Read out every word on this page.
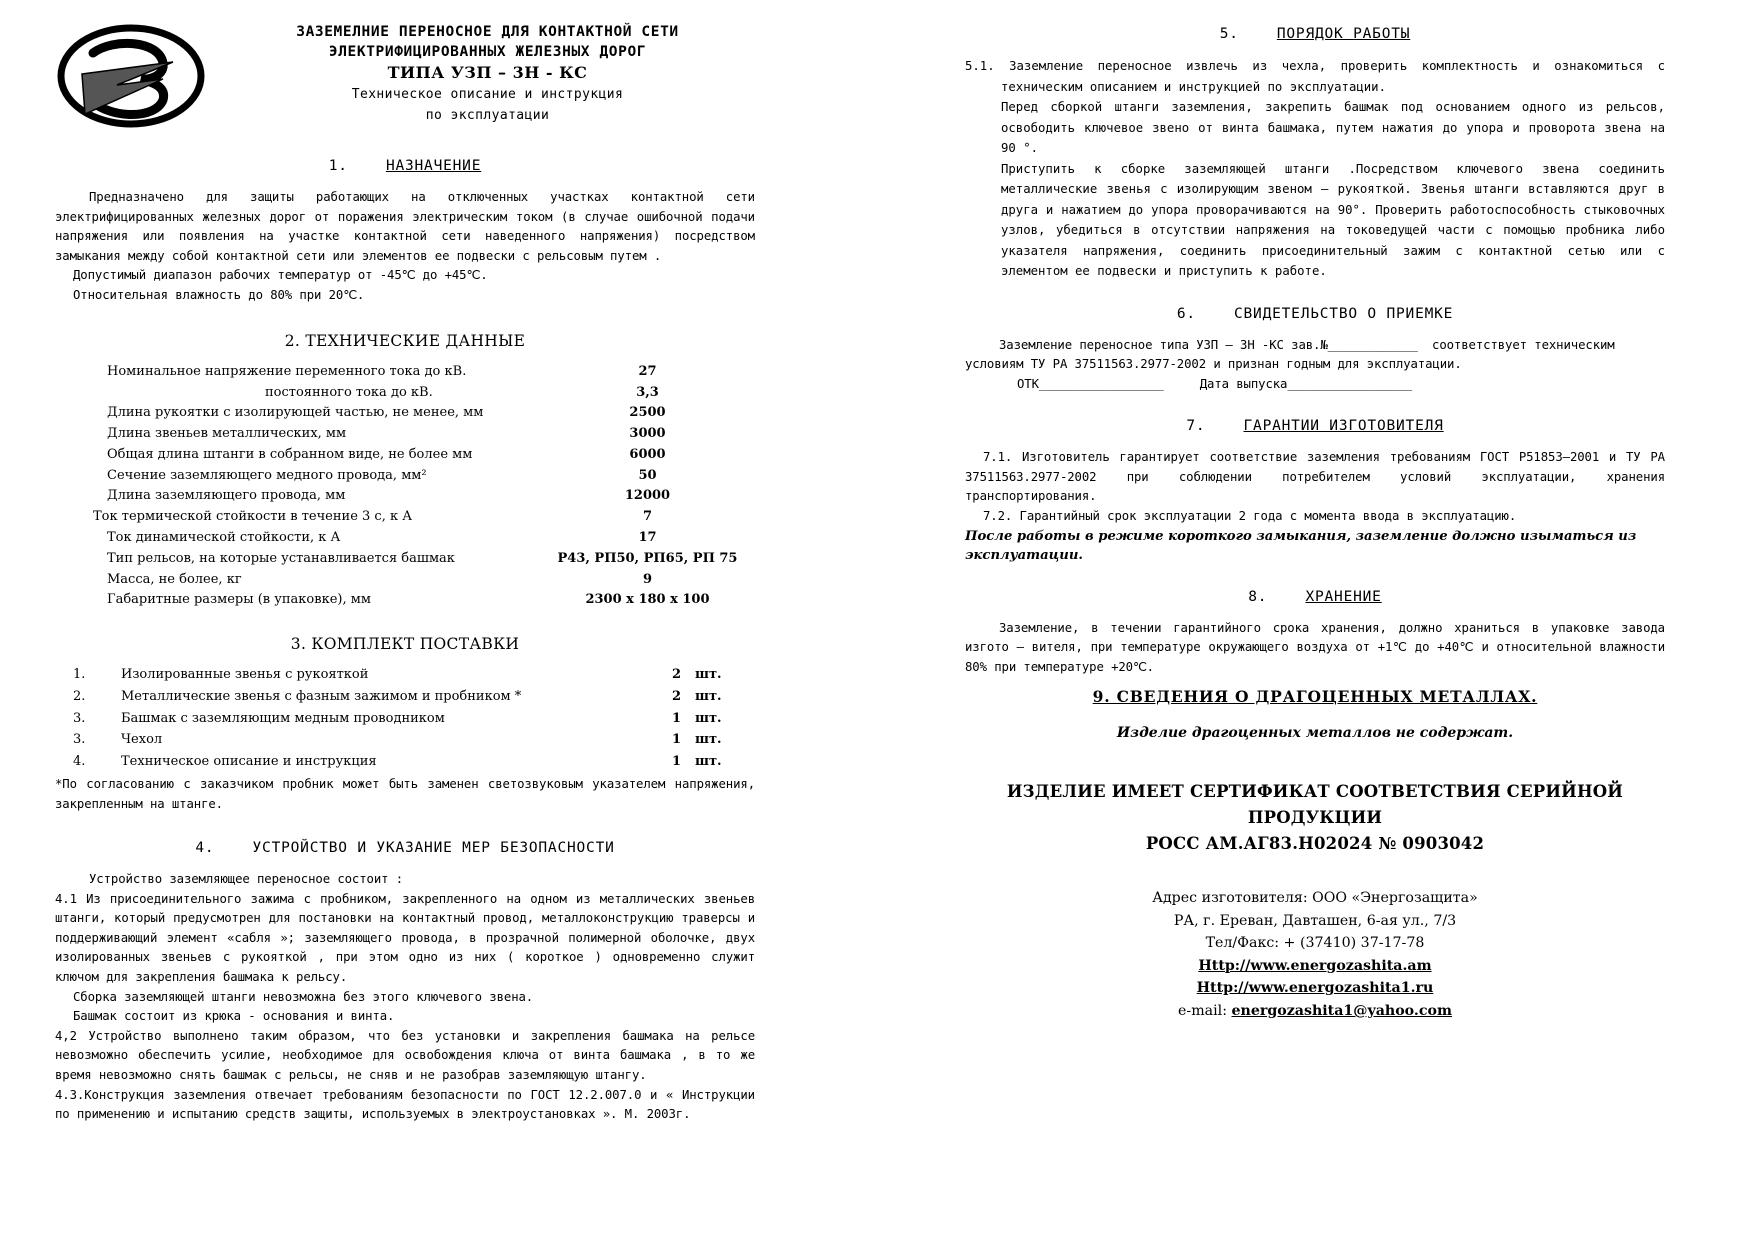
ЗАЗЕМЕЛНИЕ ПЕРЕНОСНОЕ ДЛЯ КОНТАКТНОЙ СЕТИ
ЭЛЕКТРИФИЦИРОВАННЫХ ЖЕЛЕЗНЫХ ДОРОГ
ТИПА УЗП – 3Н - КС
Техническое описание и инструкция
по эксплуатации
1.	НАЗНАЧЕНИЕ

Предназначено для защиты работающих на отключенных участках контактной сети электрифицированных железных дорог от поражения электрическим током (в случае ошибочной подачи напряжения или появления на участке контактной сети наведенного напряжения) посредством замыкания между собой контактной сети или элементов ее подвески с рельсовым путем .

Допустимый диапазон рабочих температур от -45℃ до +45℃.

Относительная влажность до 80% при 20℃.

2. ТЕХНИЧЕСКИЕ ДАННЫЕ
Номинальное напряжение переменного тока до кВ.	27
постоянного тока до кВ.	3,3
Длина рукоятки с изолирующей частью, не менее, мм	2500
Длина звеньев металлических, мм	3000
Общая длина штанги в собранном виде, не более мм	6000
Сечение заземляющего медного провода, мм²	50
Длина заземляющего провода, мм	12000
Ток термической стойкости в течение 3 с, к А	7
Ток динамической стойкости, к А	17
Тип рельсов, на которые устанавливается башмак	Р43, РП50, РП65, РП 75
Масса, не более, кг	9
Габаритные размеры (в упаковке), мм	2300 х 180 х 100
3. КОМПЛЕКТ ПОСТАВКИ
1.	Изолированные звенья с рукояткой	2	шт.
2.	Металлические звенья с фазным зажимом и пробником *	2	шт.
3.	Башмак с заземляющим медным проводником	1	шт.
3.	Чехол	1	шт.
4.	Техническое описание и инструкция	1	шт.

*По согласованию с заказчиком пробник может быть заменен светозвуковым указателем напряжения, закрепленным на штанге.

4.	УСТРОЙСТВО И УКАЗАНИЕ МЕР БЕЗОПАСНОСТИ

Устройство заземляющее переносное состоит :

4.1 Из присоединительного зажима с пробником, закрепленного на одном из металлических звеньев штанги, который предусмотрен для постановки на контактный провод, металлоконструкцию траверсы и поддерживающий элемент «сабля »; заземляющего провода, в прозрачной полимерной оболочке, двух изолированных звеньев с рукояткой , при этом одно из них ( короткое ) одновременно служит ключом для закрепления башмака к рельсу.

Сборка заземляющей штанги невозможна без этого ключевого звена.

Башмак состоит из крюка - основания и винта.

4,2 Устройство выполнено таким образом, что без установки и закрепления башмака на рельсе невозможно обеспечить усилие, необходимое для освобождения ключа от винта башмака , в то же время невозможно снять башмак с рельсы, не сняв и не разобрав заземляющую штангу.

4.3.Конструкция заземления отвечает требованиям безопасности по ГОСТ 12.2.007.0 и « Инструкции по применению и испытанию средств защиты, используемых в электроустановках ». М. 2003г.

5.	ПОРЯДОК РАБОТЫ
5.1. Заземление переносное извлечь из чехла, проверить комплектность и ознакомиться с техническим описанием и инструкцией по эксплуатации.
Перед сборкой штанги заземления, закрепить башмак под основанием одного из рельсов, освободить ключевое звено от винта башмака, путем нажатия до упора и проворота звена на 90 °.
Приступить к сборке заземляющей штанги .Посредством ключевого звена соединить металлические звенья с изолирующим звеном – рукояткой. Звенья штанги вставляются друг в друга и нажатием до упора проворачиваются на 90°. Проверить работоспособность стыковочных узлов, убедиться в отсутствии напряжения на токоведущей части с помощью пробника либо указателя напряжения, соединить присоединительный зажим с контактной сетью или с элементом ее подвески и приступить к работе.
6.	СВИДЕТЕЛЬСТВО О ПРИЕМКЕ

Заземление переносное типа УЗП – 3Н -КС зав.№_____________ соответствует техническим

условиям ТУ РА 37511563.2977-2002 и признан годным для эксплуатации.

ОТК__________________	Дата выпуска__________________

7.	ГАРАНТИИ ИЗГОТОВИТЕЛЯ

7.1. Изготовитель гарантирует соответствие заземления требованиям ГОСТ Р51853–2001 и ТУ РА 37511563.2977-2002 при соблюдении потребителем условий эксплуатации, хранения транспортирования.

7.2. Гарантийный срок эксплуатации 2 года с момента ввода в эксплуатацию.

После работы в режиме короткого замыкания, заземление должно изыматься из эксплуатации.

8.	ХРАНЕНИЕ

Заземление, в течении гарантийного срока хранения, должно храниться в упаковке завода изгото – вителя, при температуре окружающего воздуха от +1℃ до +40℃ и относительной влажности 80% при температуре +20℃.

9. СВЕДЕНИЯ О ДРАГОЦЕННЫХ МЕТАЛЛАХ.

Изделие драгоценных металлов не содержат.

ИЗДЕЛИЕ ИМЕЕТ СЕРТИФИКАТ СООТВЕТСТВИЯ СЕРИЙНОЙ ПРОДУКЦИИ
РОСС АМ.АГ83.Н02024 № 0903042
Адрес изготовителя: ООО «Энергозащита»
РА, г. Ереван, Давташен, 6-ая ул., 7/3
Тел/Факс: + (37410) 37-17-78
Http://www.energozashita.am
Http://www.energozashita1.ru
e-mail: energozashita1@yahoo.com
